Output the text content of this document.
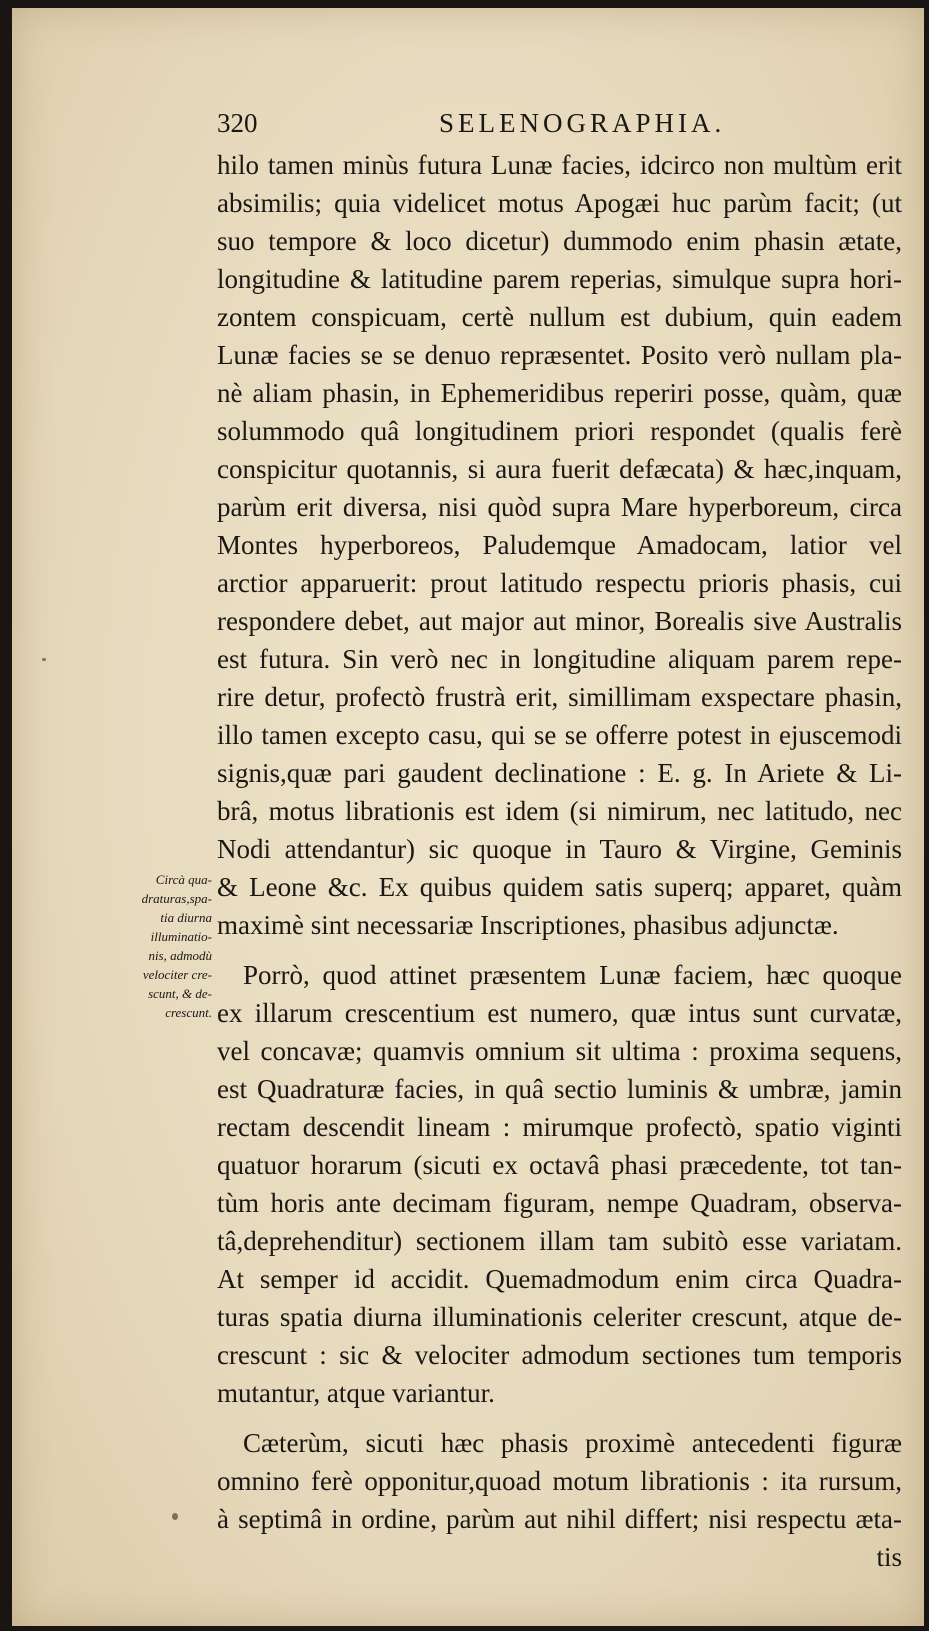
320	SELENOGRAPHIA.
hilo tamen minùs futura Lunæ facies, idcirco non multùm erit
absimilis; quia videlicet motus Apogæi huc parùm facit; (ut
suo tempore & loco dicetur) dummodo enim phasin ætate,
longitudine & latitudine parem reperias, simulque supra hori-
zontem conspicuam, certè nullum est dubium, quin eadem
Lunæ facies se se denuo repræsentet. Posito verò nullam pla-
nè aliam phasin, in Ephemeridibus reperiri posse, quàm, quæ
solummodo quâ longitudinem priori respondet (qualis ferè
conspicitur quotannis, si aura fuerit defæcata) & hæc,inquam,
parùm erit diversa, nisi quòd supra Mare hyperboreum, circa
Montes hyperboreos, Paludemque Amadocam, latior vel
arctior apparuerit: prout latitudo respectu prioris phasis, cui
respondere debet, aut major aut minor, Borealis sive Australis
est futura. Sin verò nec in longitudine aliquam parem repe-
rire detur, profectò frustrà erit, simillimam exspectare phasin,
illo tamen excepto casu, qui se se offerre potest in ejuscemodi
signis,quæ pari gaudent declinatione : E. g. In Ariete & Li-
brâ, motus librationis est idem (si nimirum, nec latitudo, nec
Nodi attendantur) sic quoque in Tauro & Virgine, Geminis
& Leone &c. Ex quibus quidem satis superq; apparet, quàm
maximè sint necessariæ Inscriptiones, phasibus adjunctæ.
Porrò, quod attinet præsentem Lunæ faciem, hæc quoque
ex illarum crescentium est numero, quæ intus sunt curvatæ,
vel concavæ; quamvis omnium sit ultima : proxima sequens,
est Quadraturæ facies, in quâ sectio luminis & umbræ, jamin
rectam descendit lineam : mirumque profectò, spatio viginti
quatuor horarum (sicuti ex octavâ phasi præcedente, tot tan-
tùm horis ante decimam figuram, nempe Quadram, observa-
tâ,deprehenditur) sectionem illam tam subitò esse variatam.
At semper id accidit. Quemadmodum enim circa Quadra-
turas spatia diurna illuminationis celeriter crescunt, atque de-
crescunt : sic & velociter admodum sectiones tum temporis
mutantur, atque variantur.
Cæterùm, sicuti hæc phasis proximè antecedenti figuræ
omnino ferè opponitur,quoad motum librationis : ita rursum,
à septimâ in ordine, parùm aut nihil differt; nisi respectu æta-
tis
Circà qua-
draturas,spa-
tia diurna
illuminatio-
nis, admodù
velociter cre-
scunt, & de-
crescunt.
